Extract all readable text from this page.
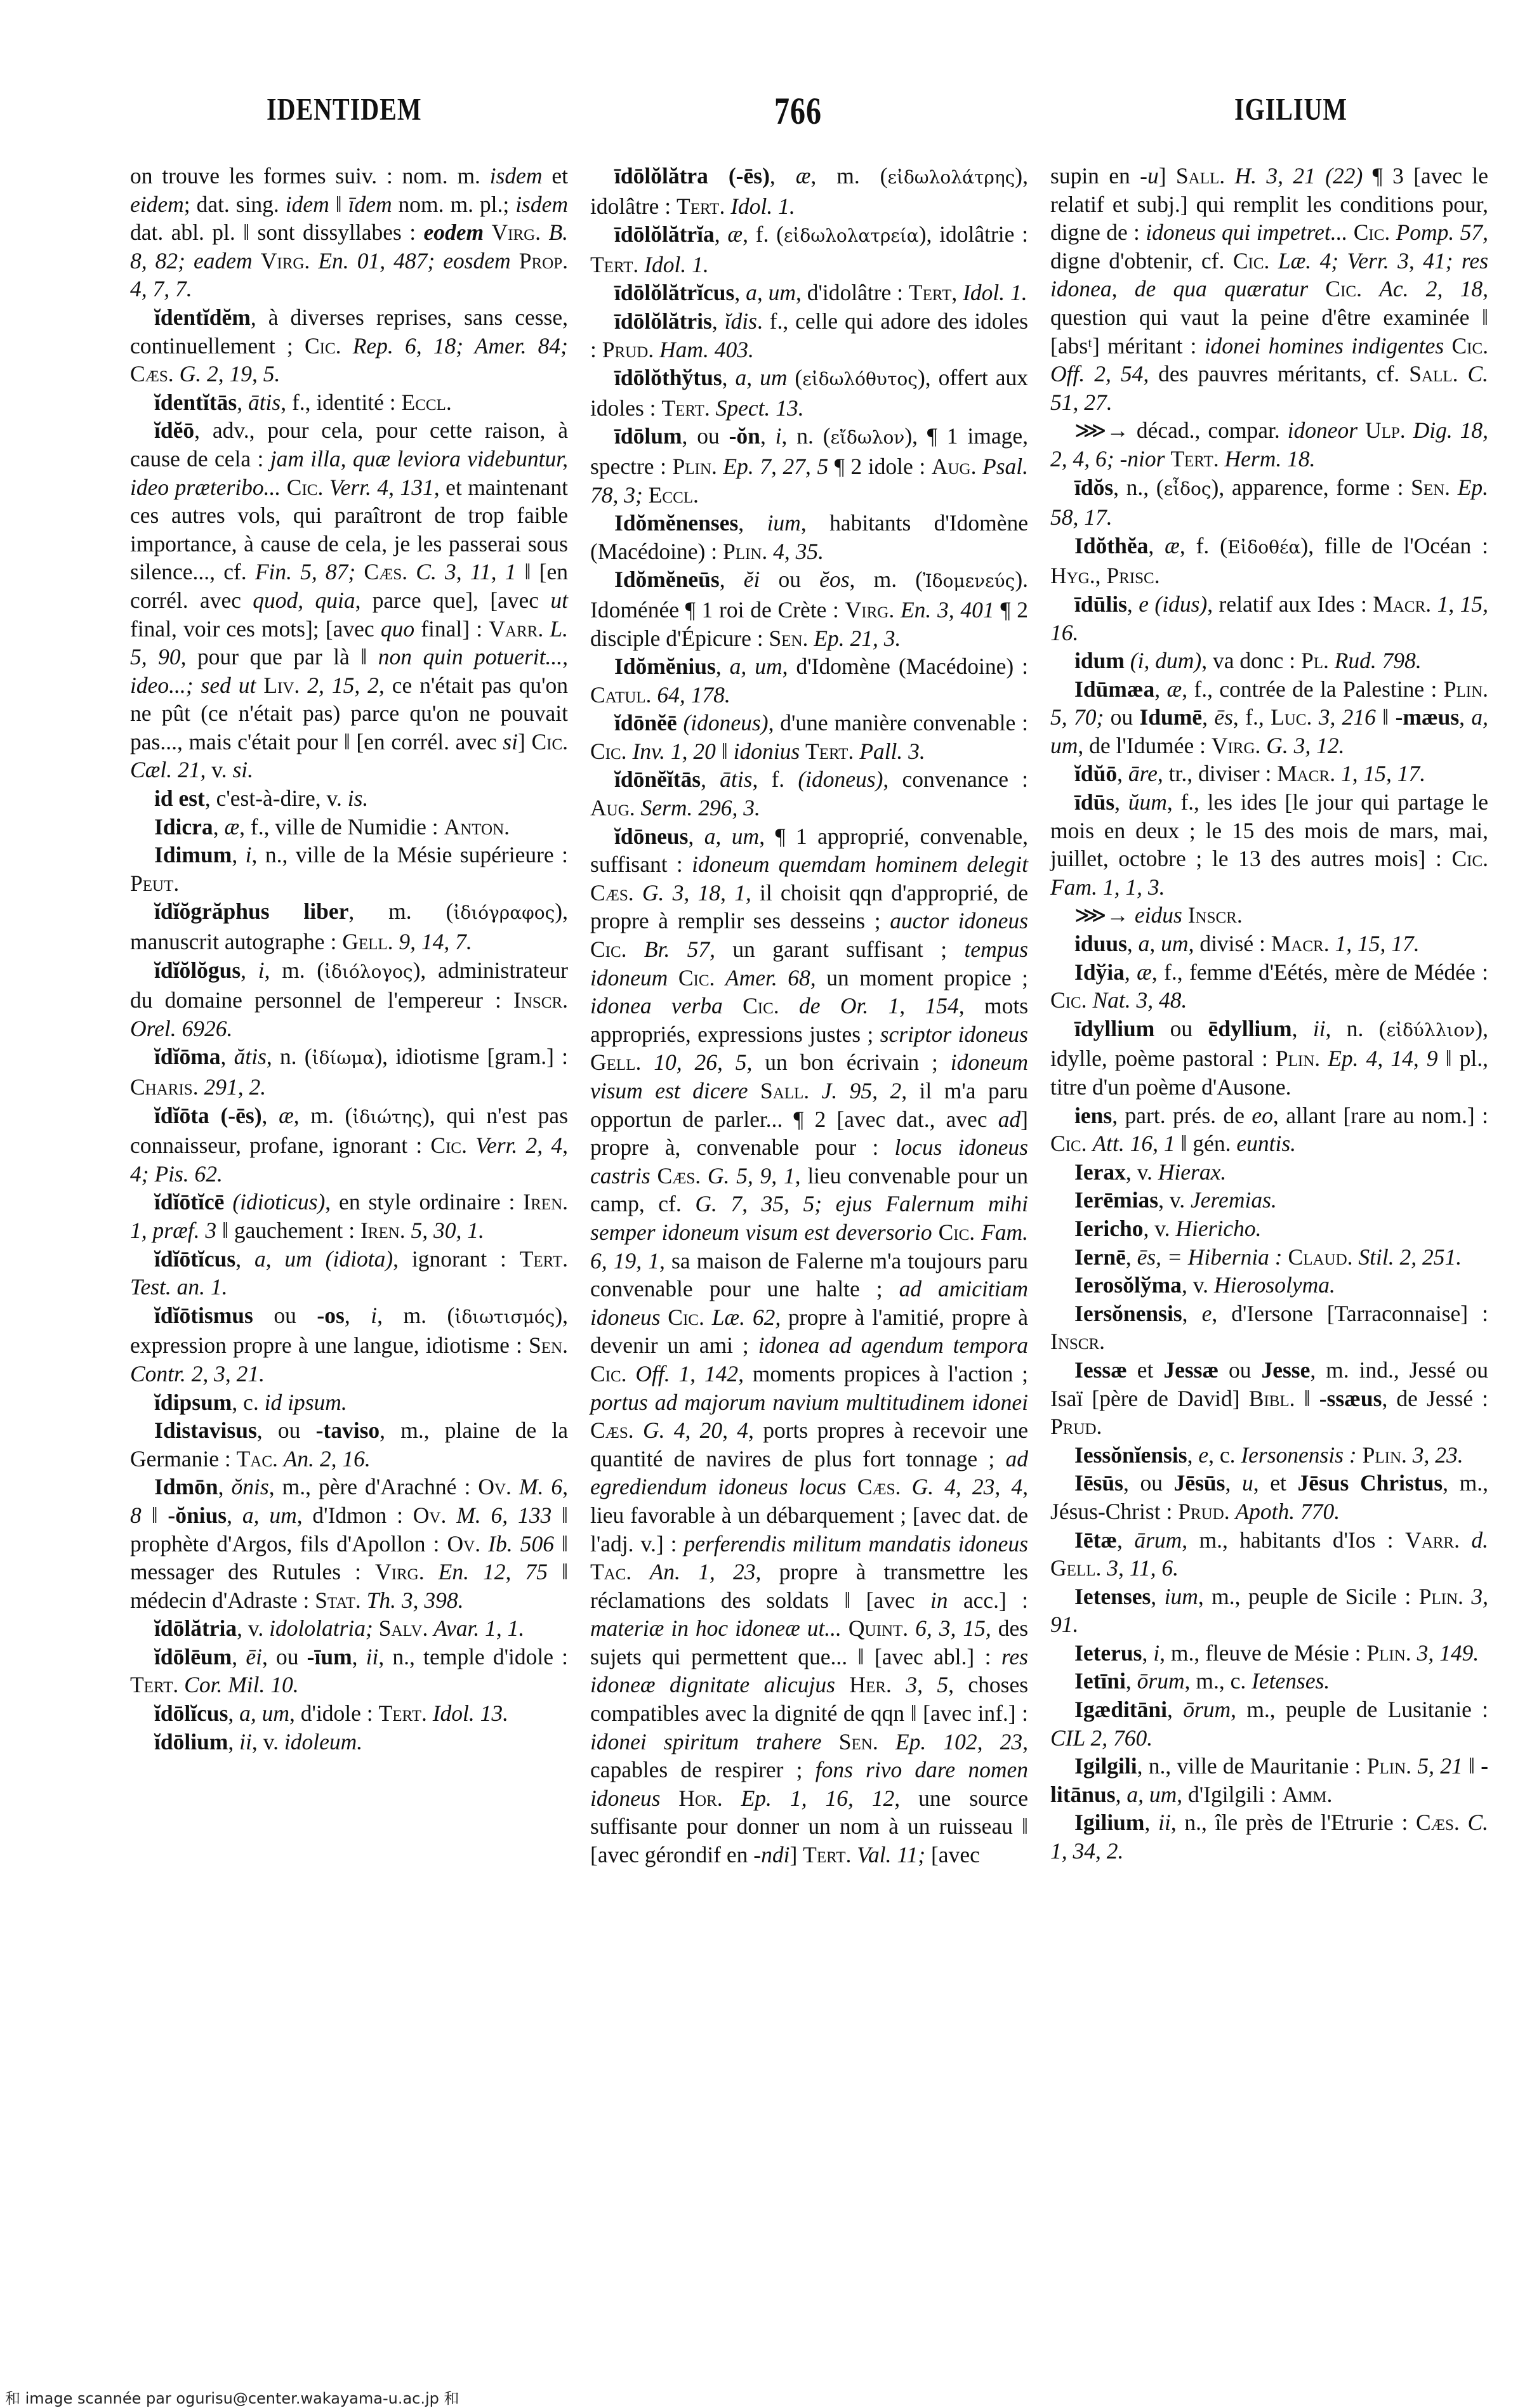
IDENTIDEM	766	IGILIUM

on trouve les formes suiv. : nom. m. isdem et eidem; dat. sing. idem ‖ īdem nom. m. pl.; isdem dat. abl. pl. ‖ sont dissyllabes : eodem Virg. B. 8, 82; eadem Virg. En. 01, 487; eosdem Prop. 4, 7, 7.

ĭdentĭdĕm, à diverses reprises, sans cesse, continuellement ; Cic. Rep. 6, 18; Amer. 84; Cæs. G. 2, 19, 5.

ĭdentĭtās, ātis, f., identité : Eccl.

ĭdĕō, adv., pour cela, pour cette raison, à cause de cela : jam illa, quæ leviora videbuntur, ideo præteribo... Cic. Verr. 4, 131, et maintenant ces autres vols, qui paraîtront de trop faible importance, à cause de cela, je les passerai sous silence..., cf. Fin. 5, 87; Cæs. C. 3, 11, 1 ‖ [en corrél. avec quod, quia, parce que], [avec ut final, voir ces mots]; [avec quo final] : Varr. L. 5, 90, pour que par là ‖ non quin potuerit..., ideo...; sed ut Liv. 2, 15, 2, ce n'était pas qu'on ne pût (ce n'était pas) parce qu'on ne pouvait pas..., mais c'était pour ‖ [en corrél. avec si] Cic. Cæl. 21, v. si.

id est, c'est-à-dire, v. is.

Idicra, æ, f., ville de Numidie : Anton.

Idimum, i, n., ville de la Mésie supérieure : Peut.

ĭdĭŏgrăphus liber, m. (ἰδιόγραφος), manuscrit autographe : Gell. 9, 14, 7.

ĭdĭŏlŏgus, i, m. (ἰδιόλογος), administrateur du domaine personnel de l'empereur : Inscr. Orel. 6926.

ĭdĭōma, ătis, n. (ἰδίωμα), idiotisme [gram.] : Charis. 291, 2.

ĭdĭōta (-ēs), æ, m. (ἰδιώτης), qui n'est pas connaisseur, profane, ignorant : Cic. Verr. 2, 4, 4; Pis. 62.

ĭdĭōtĭcē (idioticus), en style ordinaire : Iren. 1, præf. 3 ‖ gauchement : Iren. 5, 30, 1.

ĭdĭōtĭcus, a, um (idiota), ignorant : Tert. Test. an. 1.

ĭdĭōtismus ou -os, i, m. (ἰδιωτισμός), expression propre à une langue, idiotisme : Sen. Contr. 2, 3, 21.

ĭdipsum, c. id ipsum.

Idistavisus, ou -taviso, m., plaine de la Germanie : Tac. An. 2, 16.

Idmōn, ŏnis, m., père d'Arachné : Ov. M. 6, 8 ‖ -ŏnius, a, um, d'Idmon : Ov. M. 6, 133 ‖ prophète d'Argos, fils d'Apollon : Ov. Ib. 506 ‖ messager des Rutules : Virg. En. 12, 75 ‖ médecin d'Adraste : Stat. Th. 3, 398.

ĭdōlătria, v. idololatria; Salv. Avar. 1, 1.

ĭdōlēum, ēi, ou -īum, ii, n., temple d'idole : Tert. Cor. Mil. 10.

ĭdōlĭcus, a, um, d'idole : Tert. Idol. 13.

ĭdōlium, ii, v. idoleum.

īdōlŏlătra (-ēs), æ, m. (εἰδωλολάτρης), idolâtre : Tert. Idol. 1.

īdōlŏlătrĭa, æ, f. (εἰδωλολατρεία), idolâtrie : Tert. Idol. 1.

īdōlŏlătrĭcus, a, um, d'idolâtre : Tert, Idol. 1.

īdōlŏlătris, ĭdis. f., celle qui adore des idoles : Prud. Ham. 403.

īdōlŏthўtus, a, um (εἰδωλόθυτος), offert aux idoles : Tert. Spect. 13.

īdōlum, ou -ŏn, i, n. (εἴδωλον), ¶ 1 image, spectre : Plin. Ep. 7, 27, 5 ¶ 2 idole : Aug. Psal. 78, 3; Eccl.

Idŏmĕnenses, ium, habitants d'Idomène (Macédoine) : Plin. 4, 35.

Idŏmĕneūs, ĕi ou ĕos, m. (Ἰδομενεύς). Idoménée ¶ 1 roi de Crète : Virg. En. 3, 401 ¶ 2 disciple d'Épicure : Sen. Ep. 21, 3.

Idŏmĕnius, a, um, d'Idomène (Macédoine) : Catul. 64, 178.

ĭdōnĕē (idoneus), d'une manière convenable : Cic. Inv. 1, 20 ‖ idonius Tert. Pall. 3.

ĭdōnĕĭtās, ātis, f. (idoneus), convenance : Aug. Serm. 296, 3.

ĭdōneus, a, um, ¶ 1 approprié, convenable, suffisant : idoneum quemdam hominem delegit Cæs. G. 3, 18, 1, il choisit qqn d'approprié, de propre à remplir ses desseins ; auctor idoneus Cic. Br. 57, un garant suffisant ; tempus idoneum Cic. Amer. 68, un moment propice ; idonea verba Cic. de Or. 1, 154, mots appropriés, expressions justes ; scriptor idoneus Gell. 10, 26, 5, un bon écrivain ; idoneum visum est dicere Sall. J. 95, 2, il m'a paru opportun de parler... ¶ 2 [avec dat., avec ad] propre à, convenable pour : locus idoneus castris Cæs. G. 5, 9, 1, lieu convenable pour un camp, cf. G. 7, 35, 5; ejus Falernum mihi semper idoneum visum est deversorio Cic. Fam. 6, 19, 1, sa maison de Falerne m'a toujours paru convenable pour une halte ; ad amicitiam idoneus Cic. Læ. 62, propre à l'amitié, propre à devenir un ami ; idonea ad agendum tempora Cic. Off. 1, 142, moments propices à l'action ; portus ad majorum navium multitudinem idonei Cæs. G. 4, 20, 4, ports propres à recevoir une quantité de navires de plus fort tonnage ; ad egrediendum idoneus locus Cæs. G. 4, 23, 4, lieu favorable à un débarquement ; [avec dat. de l'adj. v.] : perferendis militum mandatis idoneus Tac. An. 1, 23, propre à transmettre les réclamations des soldats ‖ [avec in acc.] : materiæ in hoc idoneæ ut... Quint. 6, 3, 15, des sujets qui permettent que... ‖ [avec abl.] : res idoneæ dignitate alicujus Her. 3, 5, choses compatibles avec la dignité de qqn ‖ [avec inf.] : idonei spiritum trahere Sen. Ep. 102, 23, capables de respirer ; fons rivo dare nomen idoneus Hor. Ep. 1, 16, 12, une source suffisante pour donner un nom à un ruisseau ‖ [avec gérondif en -ndi] Tert. Val. 11; [avec

supin en -u] Sall. H. 3, 21 (22) ¶ 3 [avec le relatif et subj.] qui remplit les conditions pour, digne de : idoneus qui impetret... Cic. Pomp. 57, digne d'obtenir, cf. Cic. Læ. 4; Verr. 3, 41; res idonea, de qua quæratur Cic. Ac. 2, 18, question qui vaut la peine d'être examinée ‖ [absᵗ] méritant : idonei homines indigentes Cic. Off. 2, 54, des pauvres méritants, cf. Sall. C. 51, 27.

⋙→ décad., compar. idoneor Ulp. Dig. 18, 2, 4, 6; -nior Tert. Herm. 18.

īdŏs, n., (εἶδος), apparence, forme : Sen. Ep. 58, 17.

Idŏthĕa, æ, f. (Εἰδοθέα), fille de l'Océan : Hyg., Prisc.

īdūlis, e (idus), relatif aux Ides : Macr. 1, 15, 16.

idum (i, dum), va donc : Pl. Rud. 798.

Idūmæa, æ, f., contrée de la Palestine : Plin. 5, 70; ou Idumē, ēs, f., Luc. 3, 216 ‖ -mæus, a, um, de l'Idumée : Virg. G. 3, 12.

ĭdŭō, āre, tr., diviser : Macr. 1, 15, 17.

īdūs, ŭum, f., les ides [le jour qui partage le mois en deux ; le 15 des mois de mars, mai, juillet, octobre ; le 13 des autres mois] : Cic. Fam. 1, 1, 3.

⋙→ eidus Inscr.

iduus, a, um, divisé : Macr. 1, 15, 17.

Idўia, æ, f., femme d'Eétés, mère de Médée : Cic. Nat. 3, 48.

īdyllium ou ēdyllium, ii, n. (εἰδύλλιον), idylle, poème pastoral : Plin. Ep. 4, 14, 9 ‖ pl., titre d'un poème d'Ausone.

iens, part. prés. de eo, allant [rare au nom.] : Cic. Att. 16, 1 ‖ gén. euntis.

Ierax, v. Hierax.

Ierēmias, v. Jeremias.

Iericho, v. Hiericho.

Iernē, ēs, = Hibernia : Claud. Stil. 2, 251.

Ierosŏlўma, v. Hierosolyma.

Iersŏnensis, e, d'Iersone [Tarraconnaise] : Inscr.

Iessæ et Jessæ ou Jesse, m. ind., Jessé ou Isaï [père de David] Bibl. ‖ -ssæus, de Jessé : Prud.

Iessŏnĭensis, e, c. Iersonensis : Plin. 3, 23.

Iēsūs, ou Jēsūs, u, et Jēsus Christus, m., Jésus-Christ : Prud. Apoth. 770.

Iētæ, ārum, m., habitants d'Ios : Varr. d. Gell. 3, 11, 6.

Ietenses, ium, m., peuple de Sicile : Plin. 3, 91.

Ieterus, i, m., fleuve de Mésie : Plin. 3, 149.

Ietīni, ōrum, m., c. Ietenses.

Igæditāni, ōrum, m., peuple de Lusitanie : CIL 2, 760.

Igilgili, n., ville de Mauritanie : Plin. 5, 21 ‖ -litānus, a, um, d'Igilgili : Amm.

Igilium, ii, n., île près de l'Etrurie : Cæs. C. 1, 34, 2.

和 image scannée par ogurisu@center.wakayama-u.ac.jp 和
